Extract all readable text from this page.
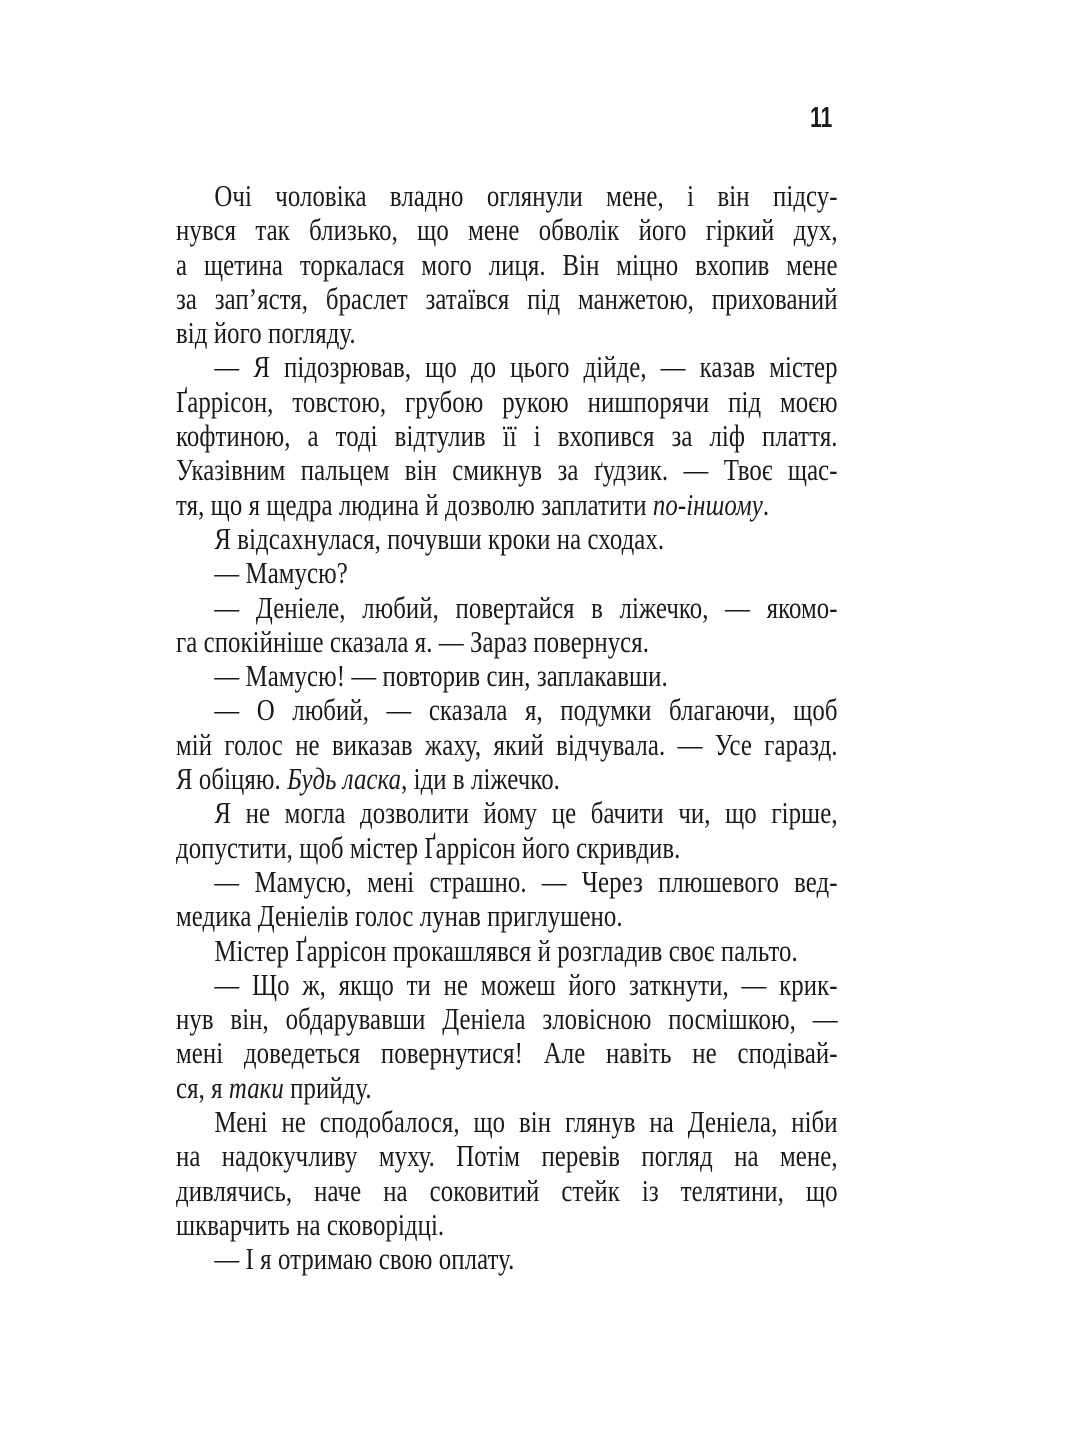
11
Очі чоловіка владно оглянули мене, і він підсу-
нувся так близько, що мене обволік його гіркий дух,
а щетина торкалася мого лиця. Він міцно вхопив мене
за зап’ястя, браслет затаївся під манжетою, прихований
від його погляду.
— Я підозрював, що до цього дійде, — казав містер
Ґаррісон, товстою, грубою рукою нишпорячи під моєю
кофтиною, а тоді відтулив її і вхопився за ліф плаття.
Указівним пальцем він смикнув за ґудзик. — Твоє щас-
тя, що я щедра людина й дозволю заплатити по-іншому.
Я відсахнулася, почувши кроки на сходах.
— Мамусю?
— Деніеле, любий, повертайся в ліжечко, — якомо-
га спокійніше сказала я. — Зараз повернуся.
— Мамусю! — повторив син, заплакавши.
— О любий, — сказала я, подумки благаючи, щоб
мій голос не виказав жаху, який відчувала. — Усе гаразд.
Я обіцяю. Будь ласка, іди в ліжечко.
Я не могла дозволити йому це бачити чи, що гірше,
допустити, щоб містер Ґаррісон його скривдив.
— Мамусю, мені страшно. — Через плюшевого вед-
медика Деніелів голос лунав приглушено.
Містер Ґаррісон прокашлявся й розгладив своє пальто.
— Що ж, якщо ти не можеш його заткнути, — крик-
нув він, обдарувавши Деніела зловісною посмішкою, —
мені доведеться повернутися! Але навіть не сподівай-
ся, я таки прийду.
Мені не сподобалося, що він глянув на Деніела, ніби
на надокучливу муху. Потім перевів погляд на мене,
дивлячись, наче на соковитий стейк із телятини, що
шкварчить на сковорідці.
— І я отримаю свою оплату.
